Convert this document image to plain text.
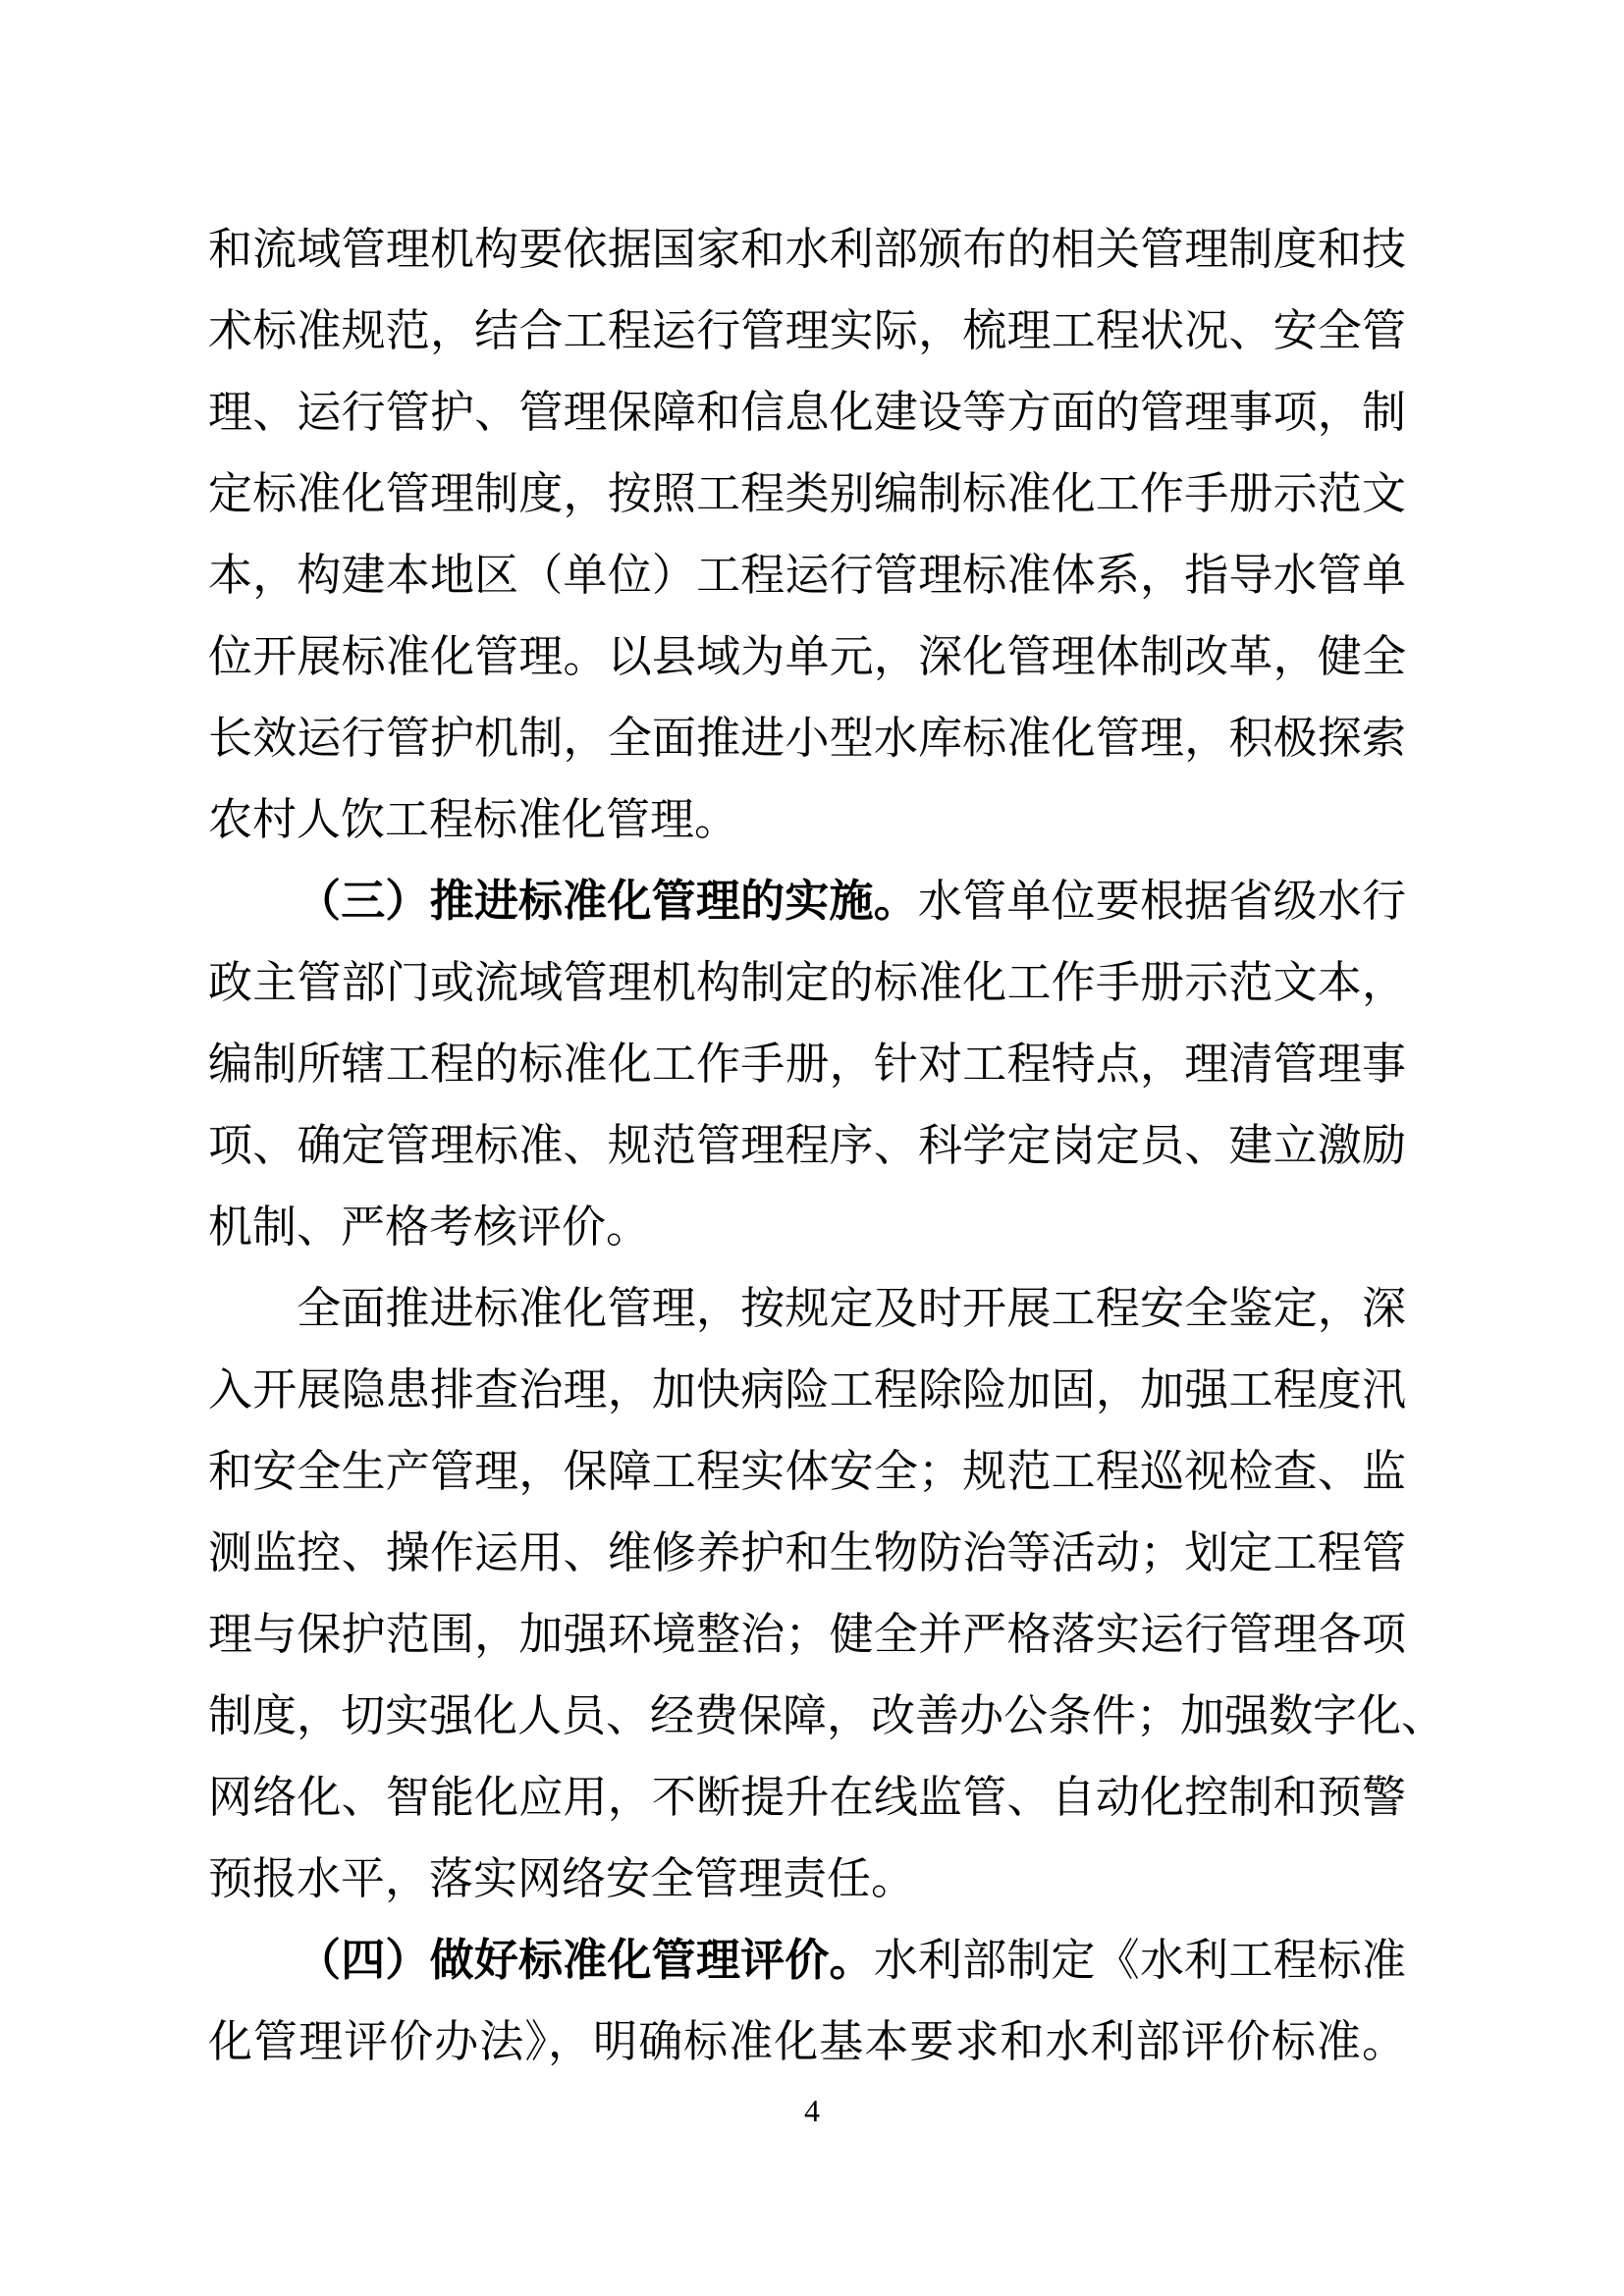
和流域管理机构要依据国家和水利部颁布的相关管理制度和技
术标准规范，结合工程运行管理实际，梳理工程状况、安全管
理、运行管护、管理保障和信息化建设等方面的管理事项，制
定标准化管理制度，按照工程类别编制标准化工作手册示范文
本，构建本地区（单位）工程运行管理标准体系，指导水管单
位开展标准化管理。以县域为单元，深化管理体制改革，健全
长效运行管护机制，全面推进小型水库标准化管理，积极探索
农村人饮工程标准化管理。
（三）推进标准化管理的实施。水管单位要根据省级水行
政主管部门或流域管理机构制定的标准化工作手册示范文本，
编制所辖工程的标准化工作手册，针对工程特点，理清管理事
项、确定管理标准、规范管理程序、科学定岗定员、建立激励
机制、严格考核评价。
全面推进标准化管理，按规定及时开展工程安全鉴定，深
入开展隐患排查治理，加快病险工程除险加固，加强工程度汛
和安全生产管理，保障工程实体安全；规范工程巡视检查、监
测监控、操作运用、维修养护和生物防治等活动；划定工程管
理与保护范围，加强环境整治；健全并严格落实运行管理各项
制度，切实强化人员、经费保障，改善办公条件；加强数字化、
网络化、智能化应用，不断提升在线监管、自动化控制和预警
预报水平，落实网络安全管理责任。
（四）做好标准化管理评价。水利部制定《水利工程标准
化管理评价办法》，明确标准化基本要求和水利部评价标准。
4
